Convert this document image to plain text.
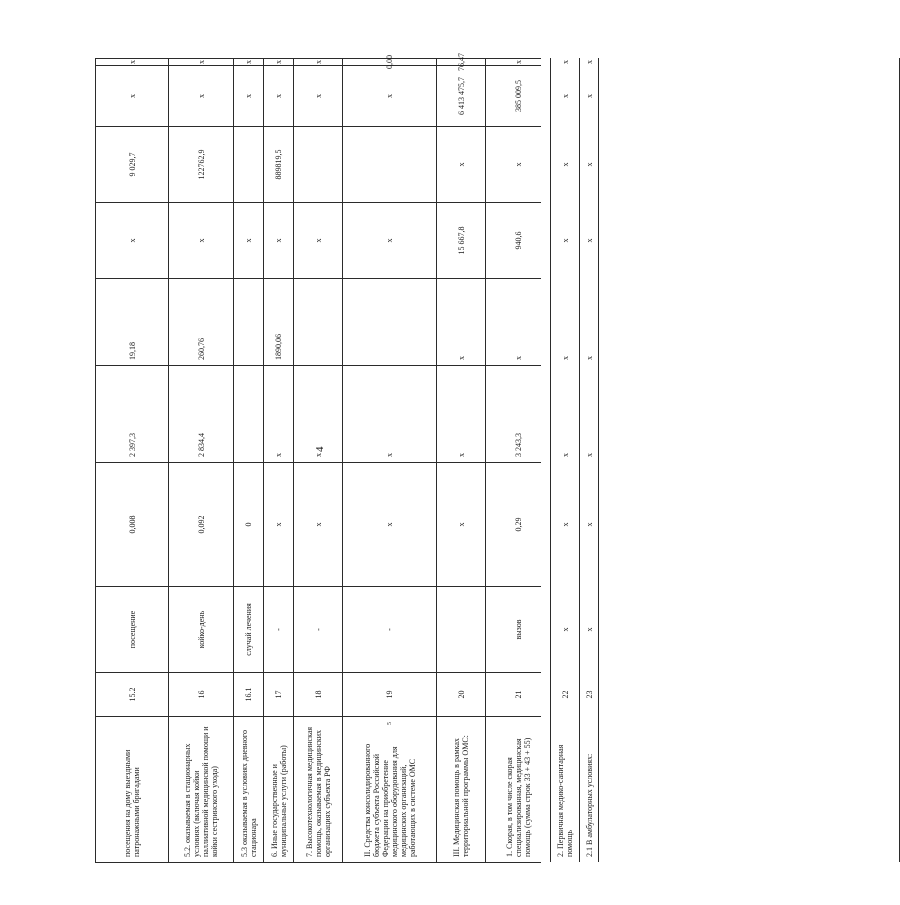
4
посещения на дому выездными патронажными бригадами
15.2
посещение
0,008
2 397,3
19,18
х
9 029,7
х
х
5.2. оказываемая в стационарных условиях (включая койки паллиативной медицинской помощи и койки сестринского ухода)
16
койко-день
0,092
2 834,4
260,76
х
122762,9
х
х
5.3 оказываемая в условиях дневного стационара
16.1
случай лечения
0
х
х
х
6. Иные государственные и муниципальные услуги (работы)
17
-
х
х
1890,06
х
889819,5
х
х
7. Высокотехнологичная медицинская помощь, оказываемая в медицинских организациях субъекта РФ
18
-
х
х
х
х
х
II. Средства консолидированного бюджета субъекта Российской Федерации на приобретение медицинского оборудования для медицинских организаций, работающих в системе ОМС
5
19
-
х
х
х
х
0,00
III. Медицинская помощь в рамках территориальной программы ОМС:
20
х
х
х
15 667,8
х
6 413 475,7
76,47
1. Скорая, в том числе скорая специализированная, медицинская помощь (сумма строк 33 + 43 + 55)
21
вызов
0,29
3 243,3
х
940,6
х
385 009,5
х
2. Первичная медико-санитарная помощь
22
х
х
х
х
х
х
х
х
2.1 В амбулаторных условиях:
23
х
х
х
х
х
х
х
х
